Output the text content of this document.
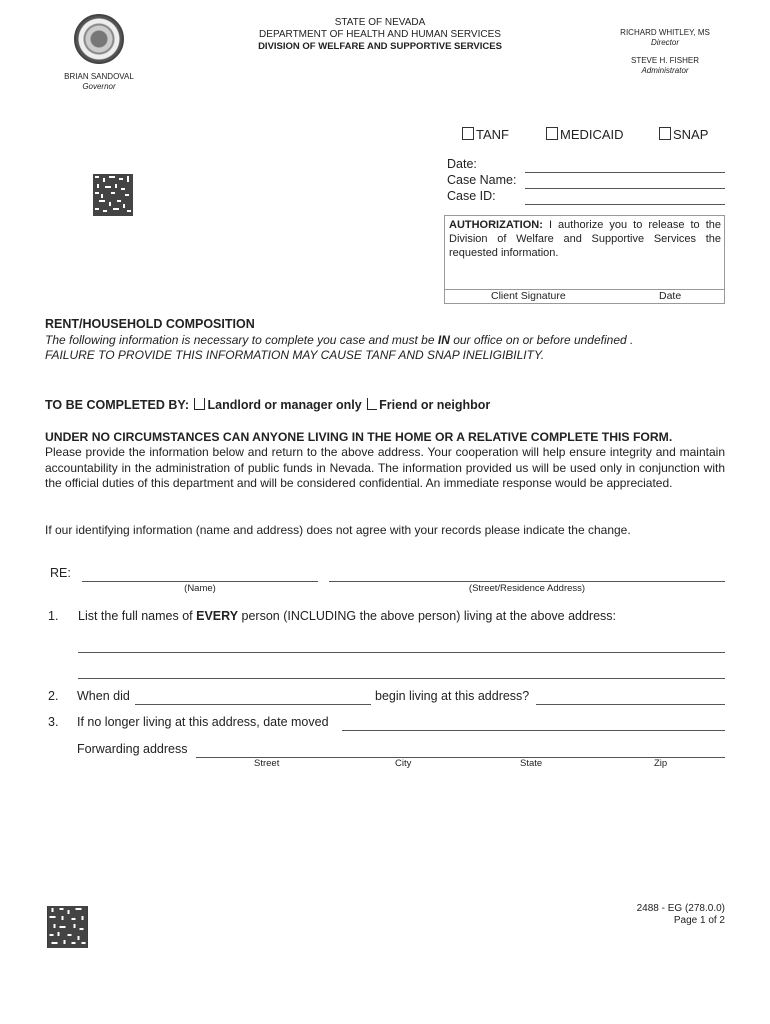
BRIAN SANDOVAL
Governor
STATE OF NEVADA
DEPARTMENT OF HEALTH AND HUMAN SERVICES
DIVISION OF WELFARE AND SUPPORTIVE SERVICES
RICHARD WHITLEY, MS
Director
STEVE H. FISHER
Administrator
TANF	MEDICAID	SNAP
Date:
Case Name:
Case ID:
AUTHORIZATION: I authorize you to release to the Division of Welfare and Supportive Services the requested information.
Client Signature	Date
RENT/HOUSEHOLD COMPOSITION
The following information is necessary to complete you case and must be IN our office on or before undefined .
FAILURE TO PROVIDE THIS INFORMATION MAY CAUSE TANF AND SNAP INELIGIBILITY.
TO BE COMPLETED BY: Landlord or manager only Friend or neighbor
UNDER NO CIRCUMSTANCES CAN ANYONE LIVING IN THE HOME OR A RELATIVE COMPLETE THIS FORM.
Please provide the information below and return to the above address. Your cooperation will help ensure integrity and maintain accountability in the administration of public funds in Nevada. The information provided us will be used only in conjunction with the official duties of this department and will be considered confidential. An immediate response would be appreciated.
If our identifying information (name and address) does not agree with your records please indicate the change.
RE:
(Name)	(Street/Residence Address)
1. List the full names of EVERY person (INCLUDING the above person) living at the above address:
2. When did	begin living at this address?
3. If no longer living at this address, date moved
Forwarding address
Street	City	State	Zip
2488 - EG (278.0.0)
Page 1 of 2
